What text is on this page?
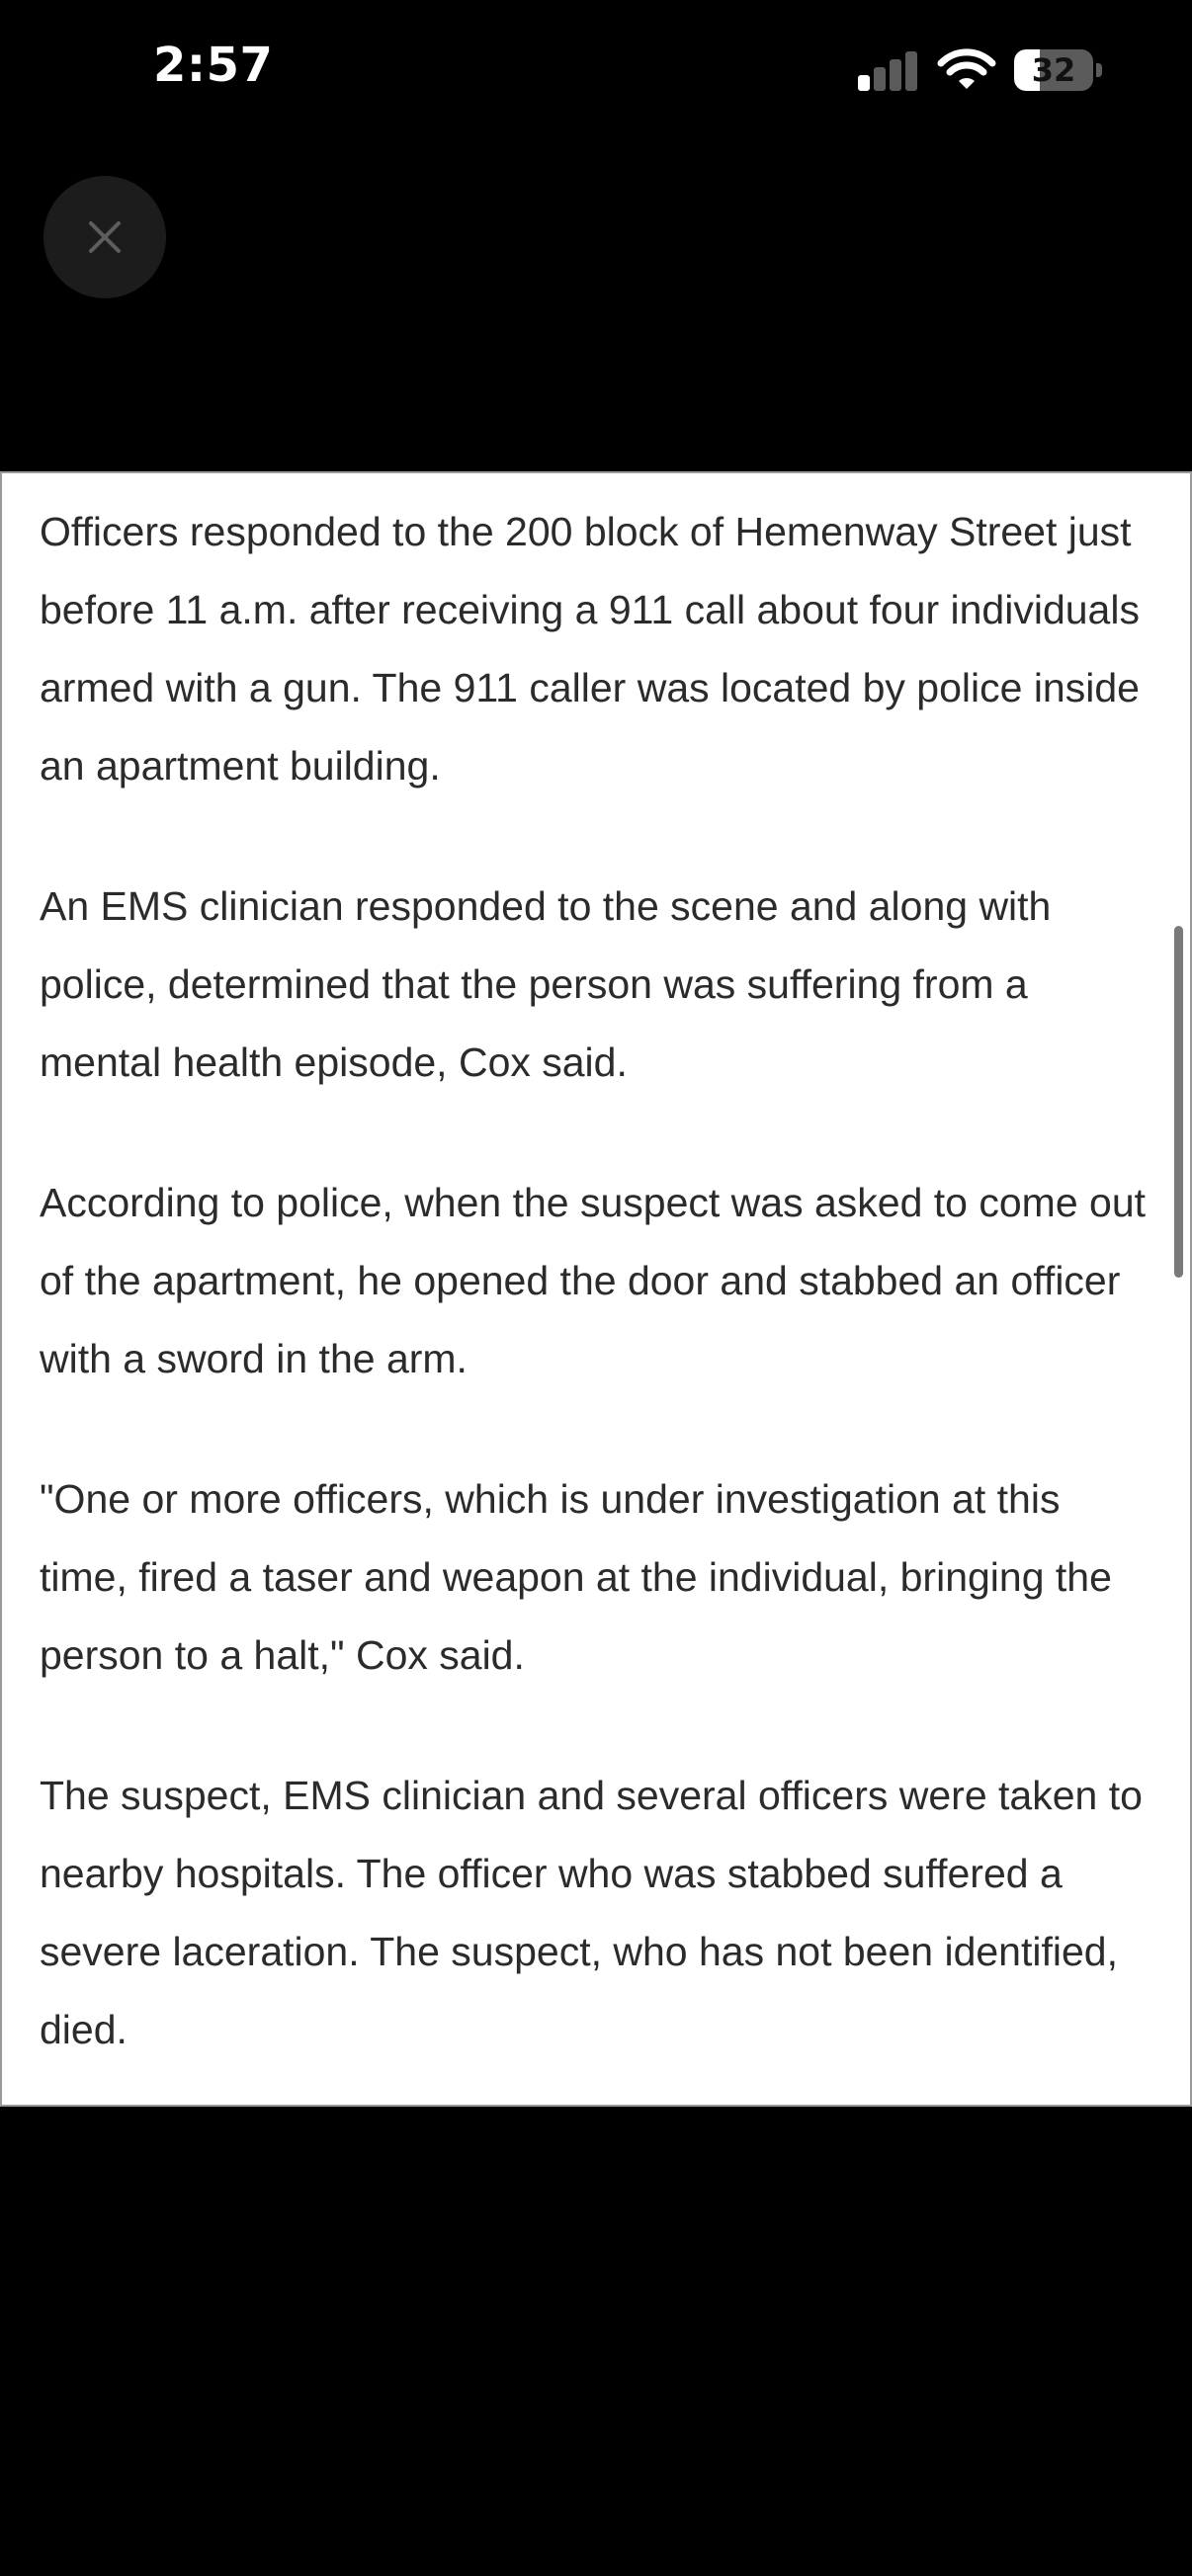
2:57	32

Officers responded to the 200 block of Hemenway Street just before 11 a.m. after receiving a 911 call about four individuals armed with a gun. The 911 caller was located by police inside an apartment building.

An EMS clinician responded to the scene and along with police, determined that the person was suffering from a mental health episode, Cox said.

According to police, when the suspect was asked to come out of the apartment, he opened the door and stabbed an officer with a sword in the arm.

"One or more officers, which is under investigation at this time, fired a taser and weapon at the individual, bringing the person to a halt," Cox said.

The suspect, EMS clinician and several officers were taken to nearby hospitals. The officer who was stabbed suffered a severe laceration. The suspect, who has not been identified, died.
